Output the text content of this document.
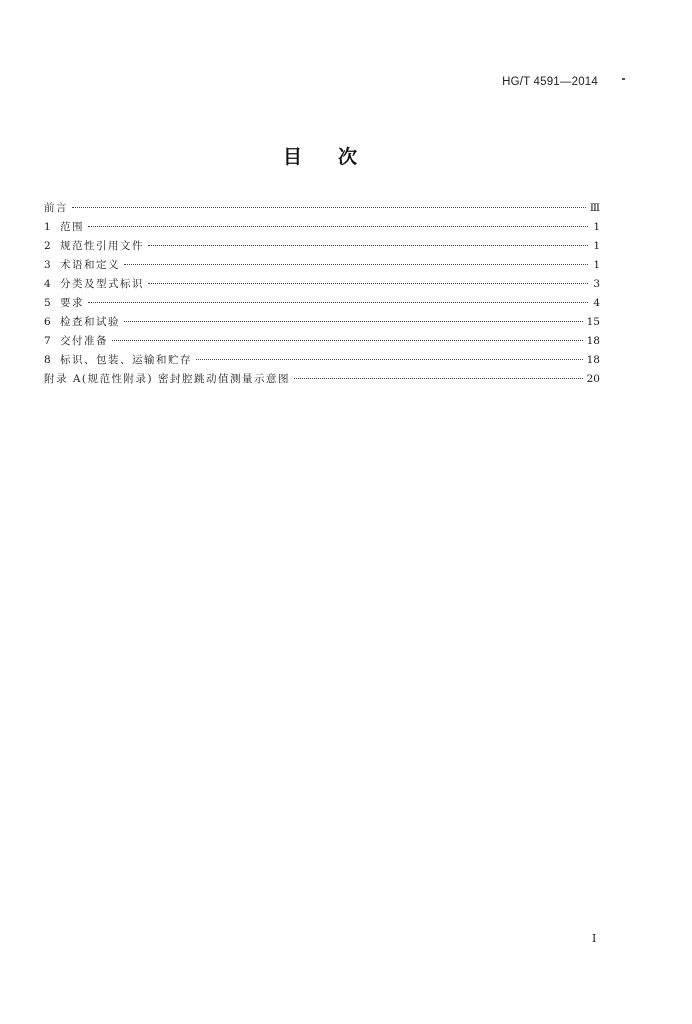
HG/T 4591—2014
目次
前言	Ⅲ
1 范围	1
2 规范性引用文件	1
3 术语和定义	1
4 分类及型式标识	3
5 要求	4
6 检查和试验	15
7 交付准备	18
8 标识、包装、运输和贮存	18
附录 A(规范性附录) 密封腔跳动值测量示意图	20
Ⅰ
